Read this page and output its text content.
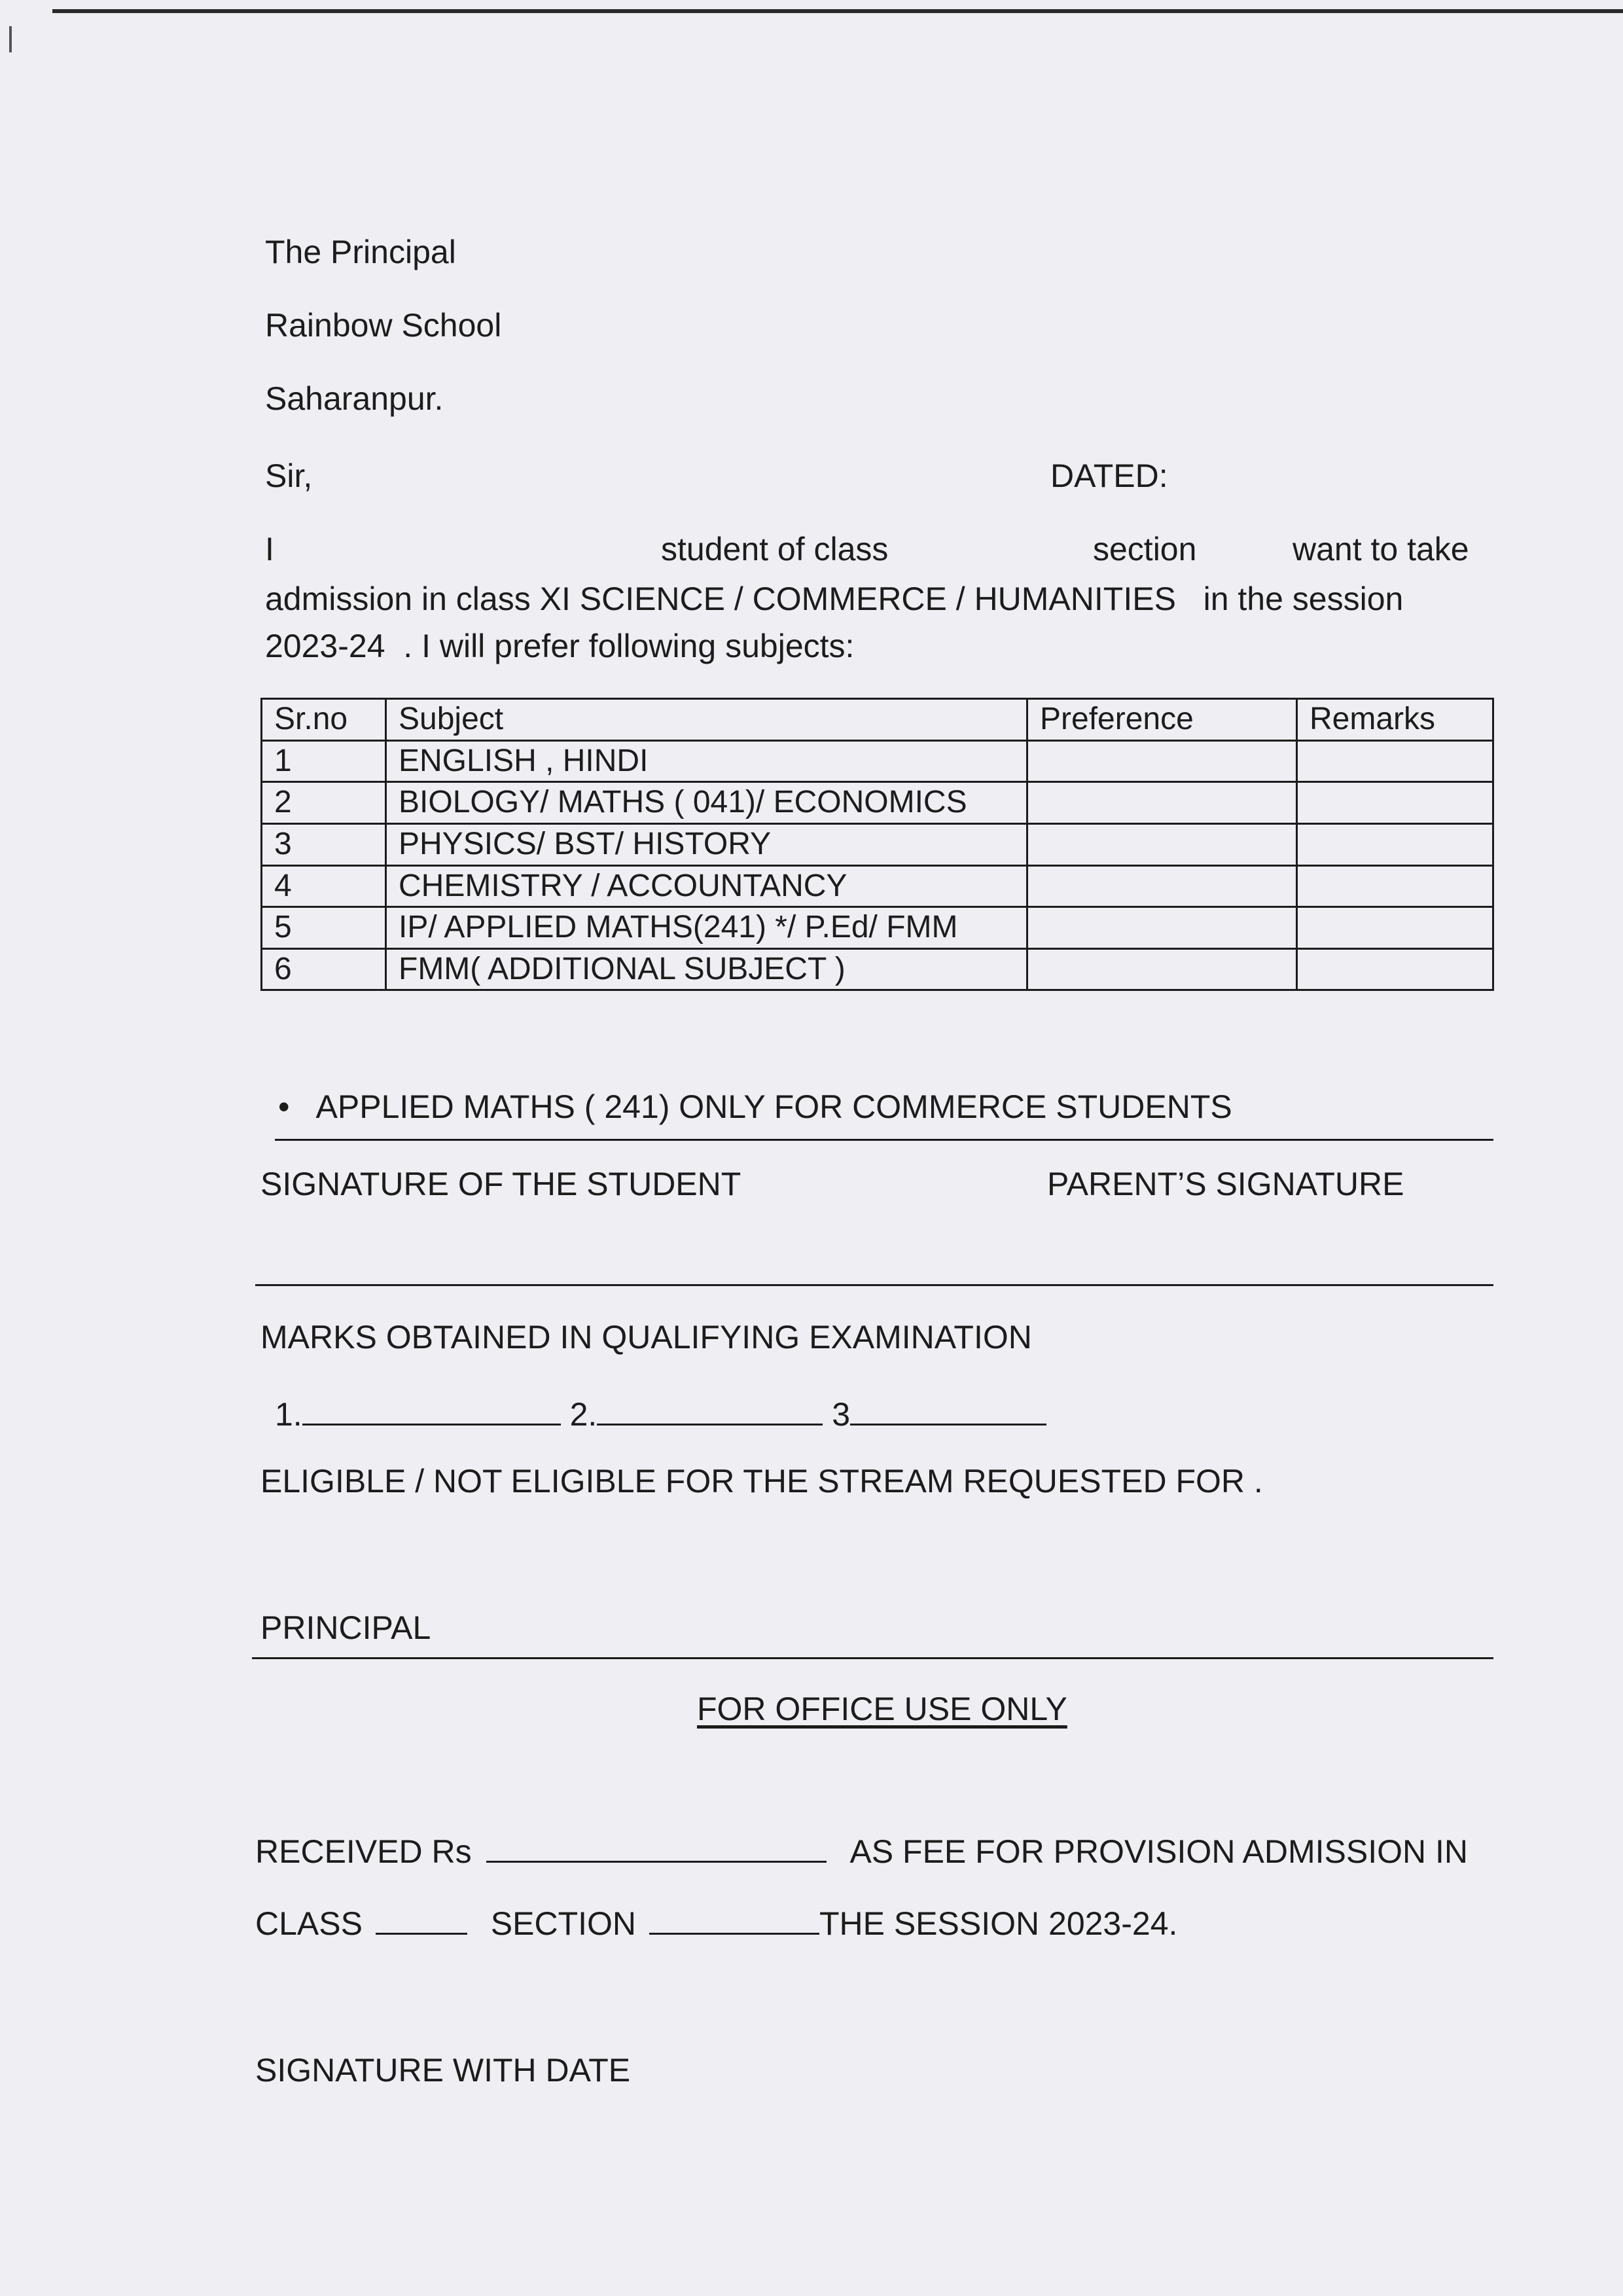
The Principal
Rainbow School
Saharanpur.
Sir,	DATED:
I	student of class	section	want to take
admission in class XI SCIENCE / COMMERCE / HUMANITIES   in the session
2023-24  . I will prefer following subjects:
Sr.no	Subject	Preference	Remarks
1	ENGLISH , HINDI		
2	BIOLOGY/ MATHS ( 041)/ ECONOMICS		
3	PHYSICS/ BST/ HISTORY		
4	CHEMISTRY / ACCOUNTANCY		
5	IP/ APPLIED MATHS(241) */ P.Ed/ FMM		
6	FMM( ADDITIONAL SUBJECT )		
• APPLIED MATHS ( 241) ONLY FOR COMMERCE STUDENTS
SIGNATURE OF THE STUDENT	PARENT’S SIGNATURE
MARKS OBTAINED IN QUALIFYING EXAMINATION
1.	2.	3
ELIGIBLE / NOT ELIGIBLE FOR THE STREAM REQUESTED FOR .
PRINCIPAL
FOR OFFICE USE ONLY
RECEIVED Rs	AS FEE FOR PROVISION ADMISSION IN
CLASS	SECTION	THE SESSION 2023-24.
SIGNATURE WITH DATE
